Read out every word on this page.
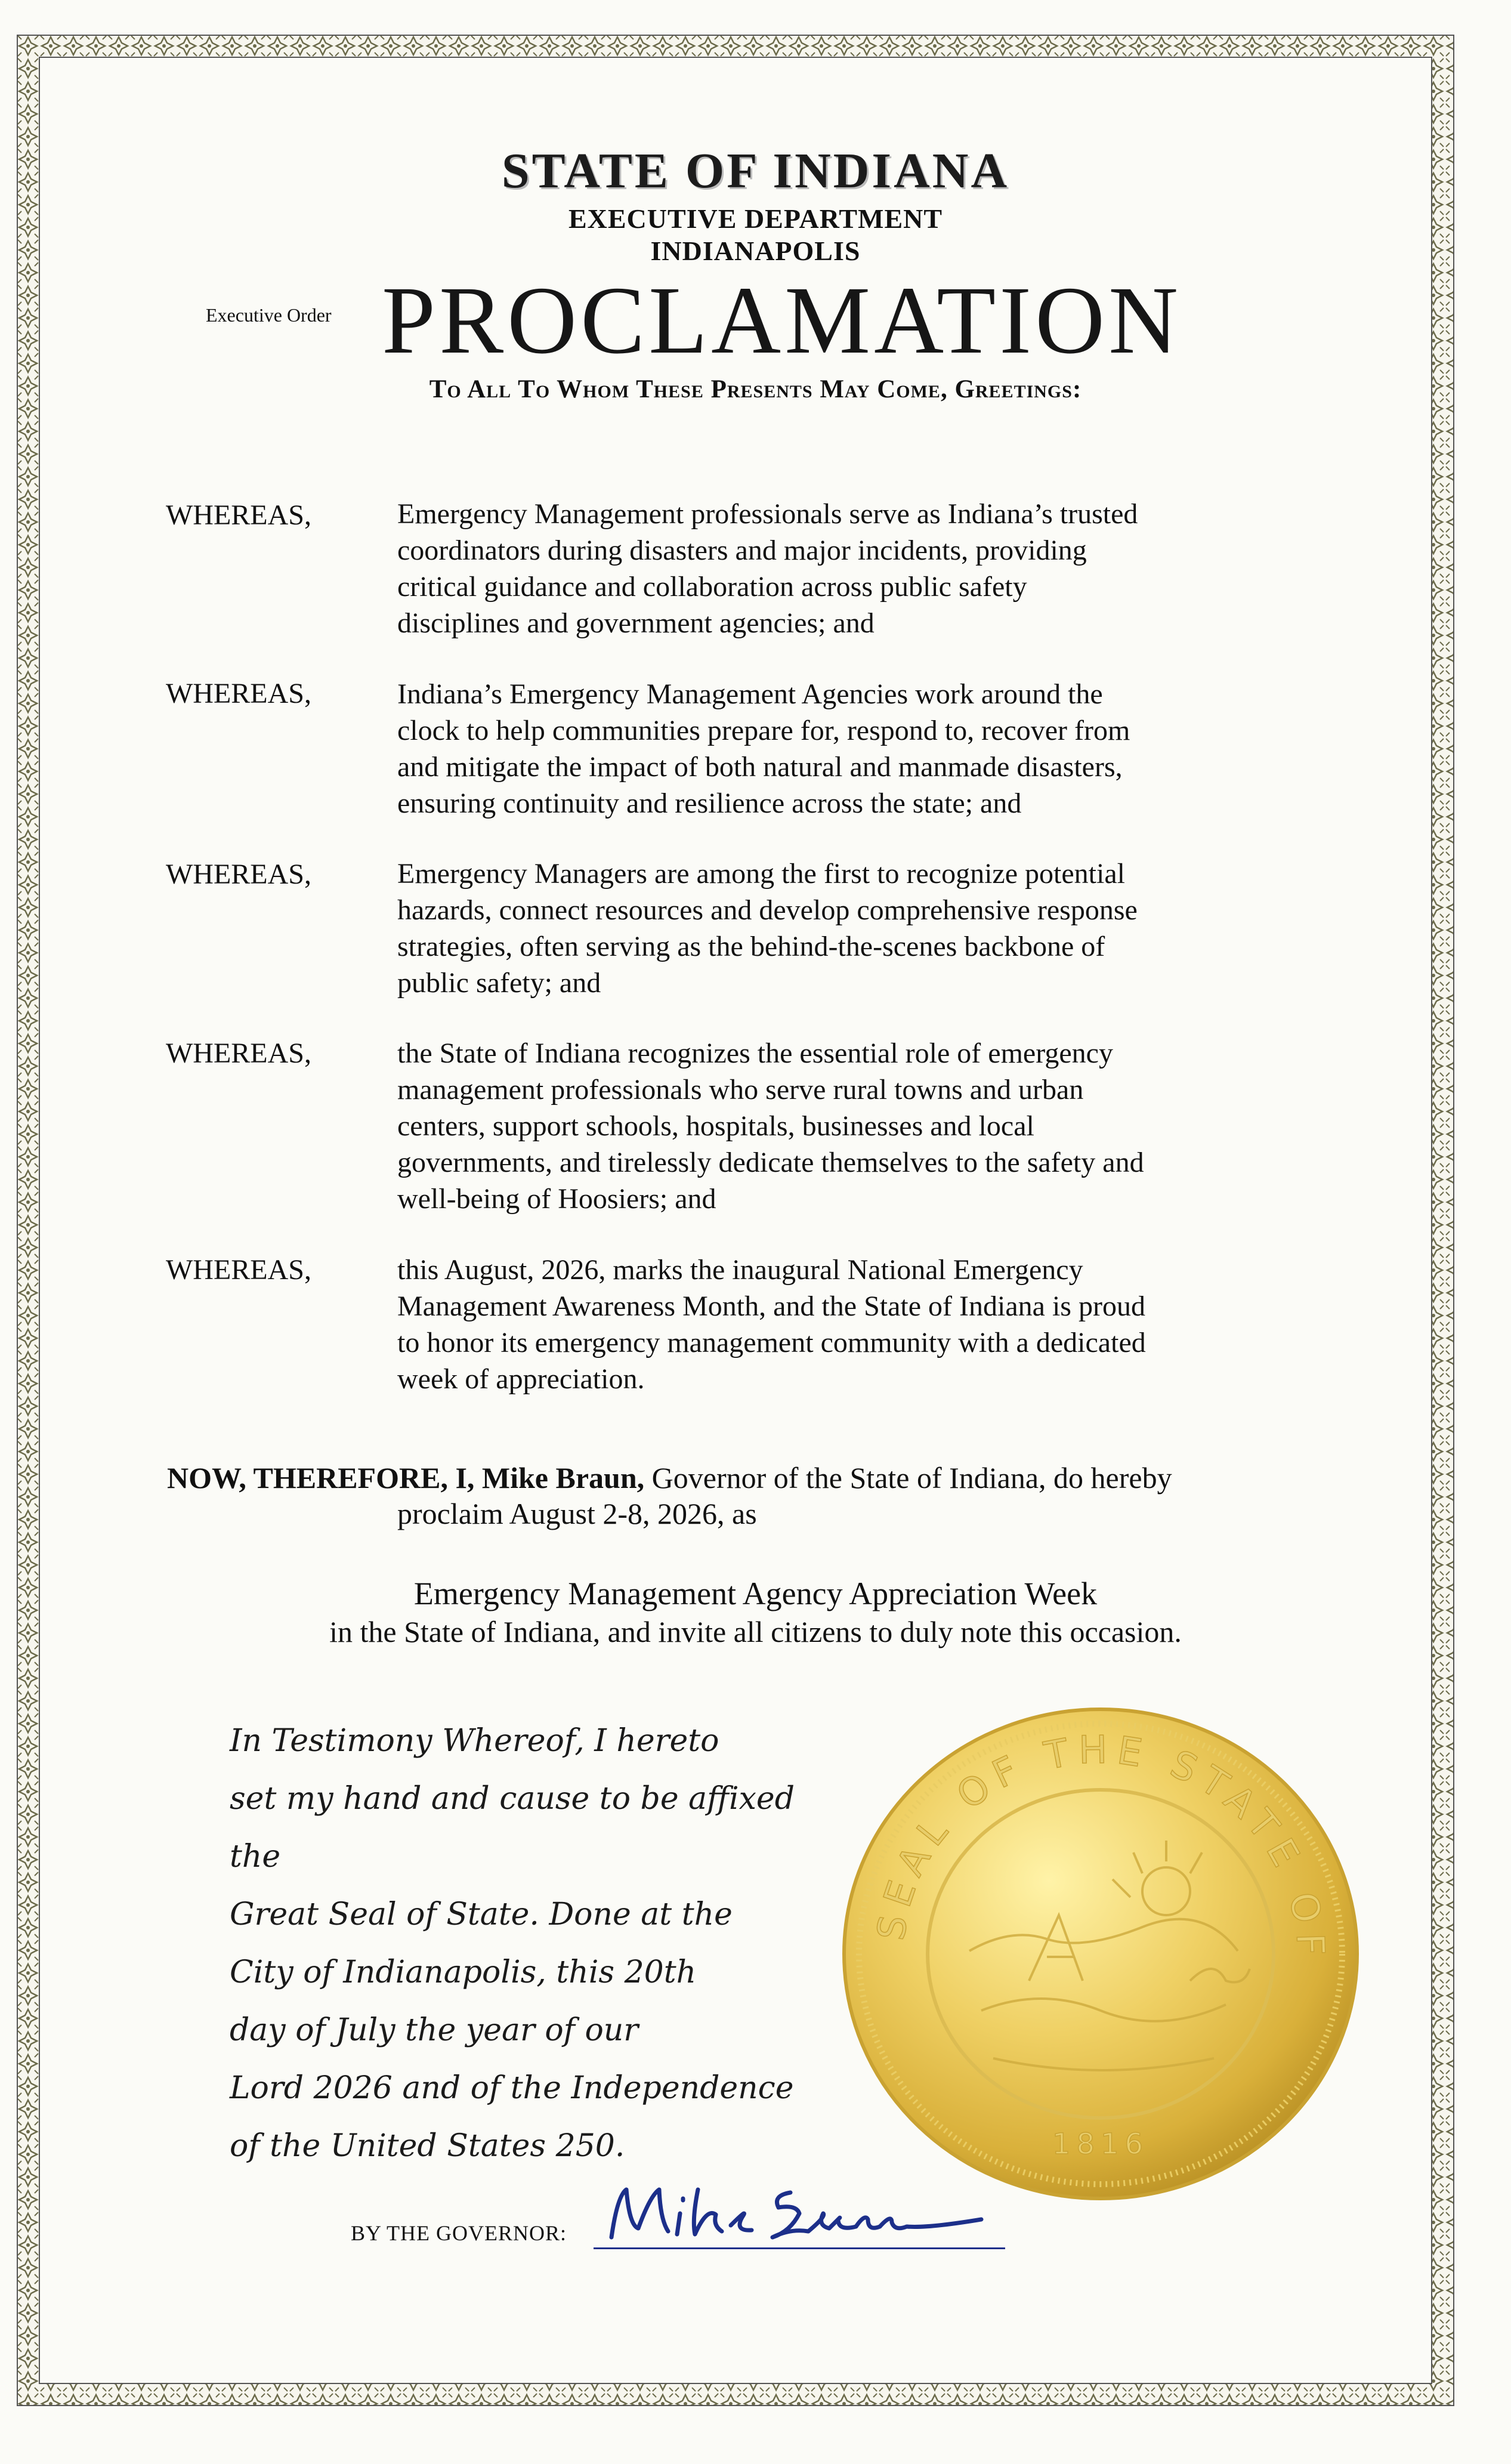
STATE OF INDIANA
EXECUTIVE DEPARTMENT
INDIANAPOLIS
Executive Order PROCLAMATION
To All To Whom These Presents May Come, Greetings:
WHEREAS,	Emergency Management professionals serve as Indiana’s trusted
coordinators during disasters and major incidents, providing
critical guidance and collaboration across public safety
disciplines and government agencies; and
WHEREAS,	Indiana’s Emergency Management Agencies work around the
clock to help communities prepare for, respond to, recover from
and mitigate the impact of both natural and manmade disasters,
ensuring continuity and resilience across the state; and
WHEREAS,	Emergency Managers are among the first to recognize potential
hazards, connect resources and develop comprehensive response
strategies, often serving as the behind-the-scenes backbone of
public safety; and
WHEREAS,	the State of Indiana recognizes the essential role of emergency
management professionals who serve rural towns and urban
centers, support schools, hospitals, businesses and local
governments, and tirelessly dedicate themselves to the safety and
well-being of Hoosiers; and
WHEREAS,	this August, 2026, marks the inaugural National Emergency
Management Awareness Month, and the State of Indiana is proud
to honor its emergency management community with a dedicated
week of appreciation.
NOW, THEREFORE, I, Mike Braun, Governor of the State of Indiana, do hereby
proclaim August 2-8, 2026, as
Emergency Management Agency Appreciation Week
in the State of Indiana, and invite all citizens to duly note this occasion.
In Testimony Whereof, I hereto
set my hand and cause to be affixed the
Great Seal of State. Done at the
City of Indianapolis, this 20th
day of July the year of our
Lord 2026 and of the Independence
of the United States 250.
SEAL OF THE STATE OF
1816
BY THE GOVERNOR:
